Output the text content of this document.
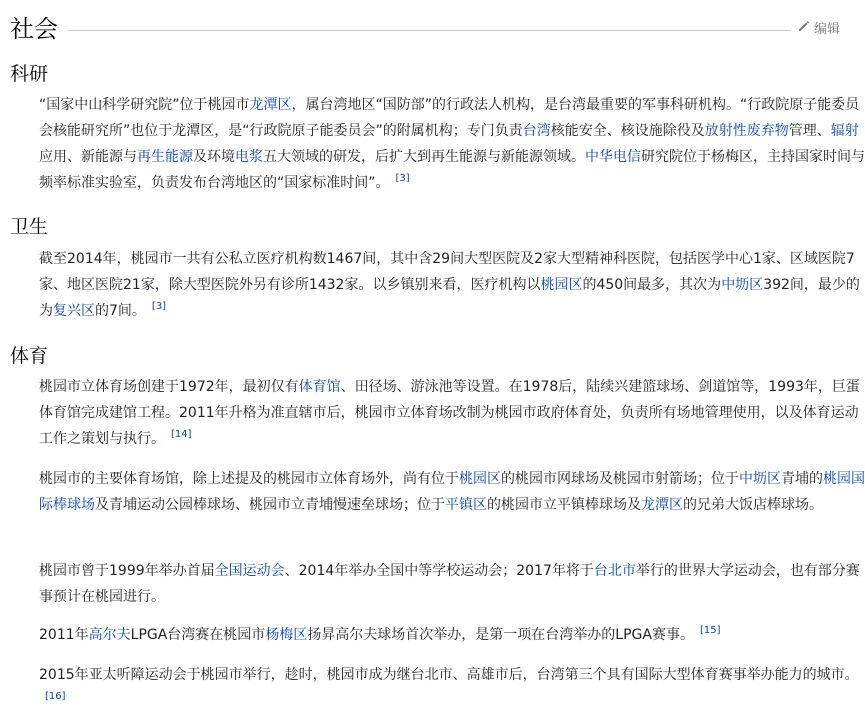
社会	编辑
科研

“国家中山科学研究院”位于桃园市龙潭区，属台湾地区“国防部”的行政法人机构，是台湾最重要的军事科研机构。“行政院原子能委员会核能研究所”也位于龙潭区，是“行政院原子能委员会”的附属机构；专门负责台湾核能安全、核设施除役及放射性废弃物管理、辐射应用、新能源与再生能源及环境电浆五大领域的研发，后扩大到再生能源与新能源领域。中华电信研究院位于杨梅区，主持国家时间与频率标准实验室，负责发布台湾地区的“国家标准时间”。 [3]

卫生

截至2014年，桃园市一共有公私立医疗机构数1467间，其中含29间大型医院及2家大型精神科医院，包括医学中心1家、区域医院7家、地区医院21家，除大型医院外另有诊所1432家。以乡镇别来看，医疗机构以桃园区的450间最多，其次为中坜区392间，最少的为复兴区的7间。 [3]

体育

桃园市立体育场创建于1972年，最初仅有体育馆、田径场、游泳池等设置。在1978后，陆续兴建篮球场、剑道馆等，1993年，巨蛋体育馆完成建馆工程。2011年升格为准直辖市后，桃园市立体育场改制为桃园市政府体育处，负责所有场地管理使用，以及体育运动工作之策划与执行。 [14]

桃园市的主要体育场馆，除上述提及的桃园市立体育场外，尚有位于桃园区的桃园市网球场及桃园市射箭场；位于中坜区青埔的桃园国际棒球场及青埔运动公园棒球场、桃园市立青埔慢速垒球场；位于平镇区的桃园市立平镇棒球场及龙潭区的兄弟大饭店棒球场。

桃园市曾于1999年举办首届全国运动会、2014年举办全国中等学校运动会；2017年将于台北市举行的世界大学运动会，也有部分赛事预计在桃园进行。

2011年高尔夫LPGA台湾赛在桃园市杨梅区扬昇高尔夫球场首次举办，是第一项在台湾举办的LPGA赛事。 [15]

2015年亚太听障运动会于桃园市举行，趁时，桃园市成为继台北市、高雄市后，台湾第三个具有国际大型体育赛事举办能力的城市。[16]
